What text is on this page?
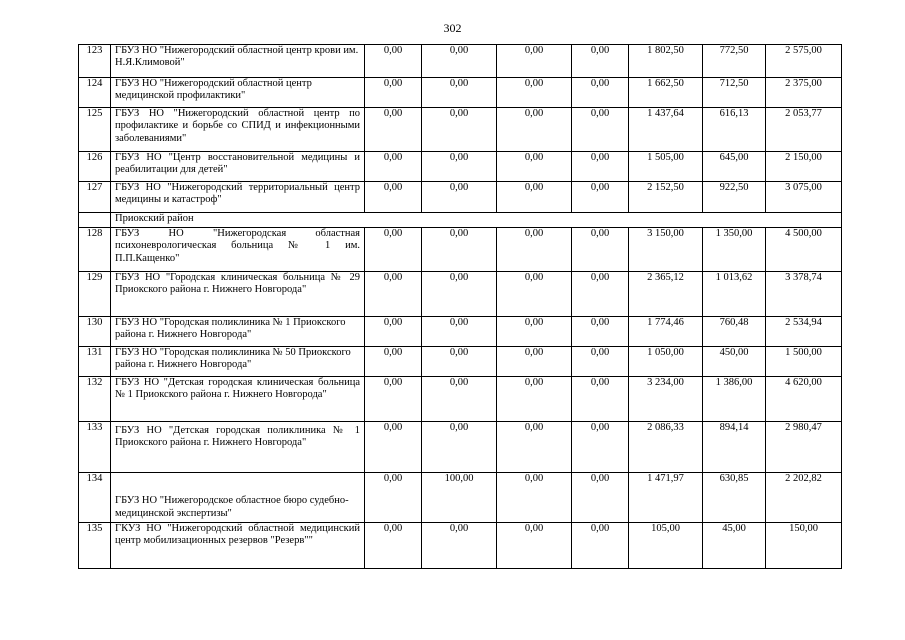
302
123	ГБУЗ НО "Нижегородский областной центр крови им. Н.Я.Климовой"	0,00	0,00	0,00	0,00	1 802,50	772,50	2 575,00
124	ГБУЗ НО "Нижегородский областной центр медицинской профилактики"	0,00	0,00	0,00	0,00	1 662,50	712,50	2 375,00
125	ГБУЗ НО "Нижегородский областной центр по профилактике и борьбе со СПИД и инфекционными заболеваниями"	0,00	0,00	0,00	0,00	1 437,64	616,13	2 053,77
126	ГБУЗ НО "Центр восстановительной медицины и реабилитации для детей"	0,00	0,00	0,00	0,00	1 505,00	645,00	2 150,00
127	ГБУЗ НО "Нижегородский территориальный центр медицины и катастроф"	0,00	0,00	0,00	0,00	2 152,50	922,50	3 075,00
	Приокский район							
128	ГБУЗ НО "Нижегородская областная психоневрологическая больница № 1 им. П.П.Кащенко"	0,00	0,00	0,00	0,00	3 150,00	1 350,00	4 500,00
129	ГБУЗ НО "Городская клиническая больница № 29 Приокского района г. Нижнего Новгорода"	0,00	0,00	0,00	0,00	2 365,12	1 013,62	3 378,74
130	ГБУЗ НО "Городская поликлиника № 1 Приокского района г. Нижнего Новгорода"	0,00	0,00	0,00	0,00	1 774,46	760,48	2 534,94
131	ГБУЗ НО "Городская поликлиника № 50 Приокского района г. Нижнего Новгорода"	0,00	0,00	0,00	0,00	1 050,00	450,00	1 500,00
132	ГБУЗ НО "Детская городская клиническая больница № 1 Приокского района г. Нижнего Новгорода"	0,00	0,00	0,00	0,00	3 234,00	1 386,00	4 620,00
133	ГБУЗ НО "Детская городская поликлиника № 1 Приокского района г. Нижнего Новгорода"	0,00	0,00	0,00	0,00	2 086,33	894,14	2 980,47
134	ГБУЗ НО "Нижегородское областное бюро судебно-медицинской экспертизы"	0,00	100,00	0,00	0,00	1 471,97	630,85	2 202,82
135	ГКУЗ НО "Нижегородский областной медицинский центр мобилизационных резервов "Резерв""	0,00	0,00	0,00	0,00	105,00	45,00	150,00
